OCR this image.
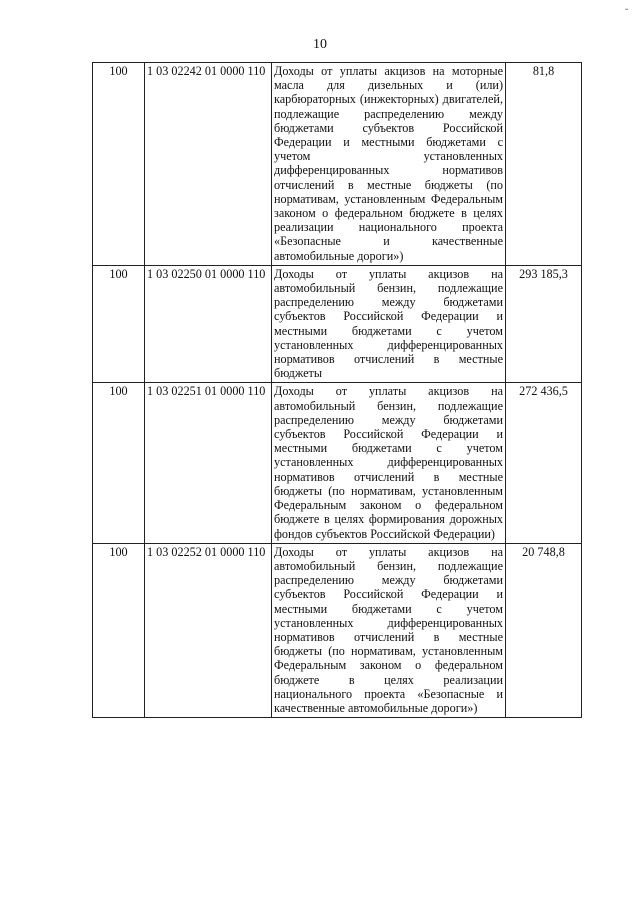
ˇ
10
100	1 03 02242 01 0000 110	Доходы от уплаты акцизов на моторные масла для дизельных и (или) карбюраторных (инжекторных) двигателей, подлежащие распределению между бюджетами субъектов Российской Федерации и местными бюджетами с учетом установленных дифференцированных нормативов отчислений в местные бюджеты (по нормативам, установленным Федеральным законом о федеральном бюджете в целях реализации национального проекта «Безопасные и качественные автомобильные дороги»)	81,8
100	1 03 02250 01 0000 110	Доходы от уплаты акцизов на автомобильный бензин, подлежащие распределению между бюджетами субъектов Российской Федерации и местными бюджетами с учетом установленных дифференцированных нормативов отчислений в местные бюджеты	293 185,3
100	1 03 02251 01 0000 110	Доходы от уплаты акцизов на автомобильный бензин, подлежащие распределению между бюджетами субъектов Российской Федерации и местными бюджетами с учетом установленных дифференцированных нормативов отчислений в местные бюджеты (по нормативам, установленным Федеральным законом о федеральном бюджете в целях формирования дорожных фондов субъектов Российской Федерации)	272 436,5
100	1 03 02252 01 0000 110	Доходы от уплаты акцизов на автомобильный бензин, подлежащие распределению между бюджетами субъектов Российской Федерации и местными бюджетами с учетом установленных дифференцированных нормативов отчислений в местные бюджеты (по нормативам, установленным Федеральным законом о федеральном бюджете в целях реализации национального проекта «Безопасные и качественные автомобильные дороги»)	20 748,8
